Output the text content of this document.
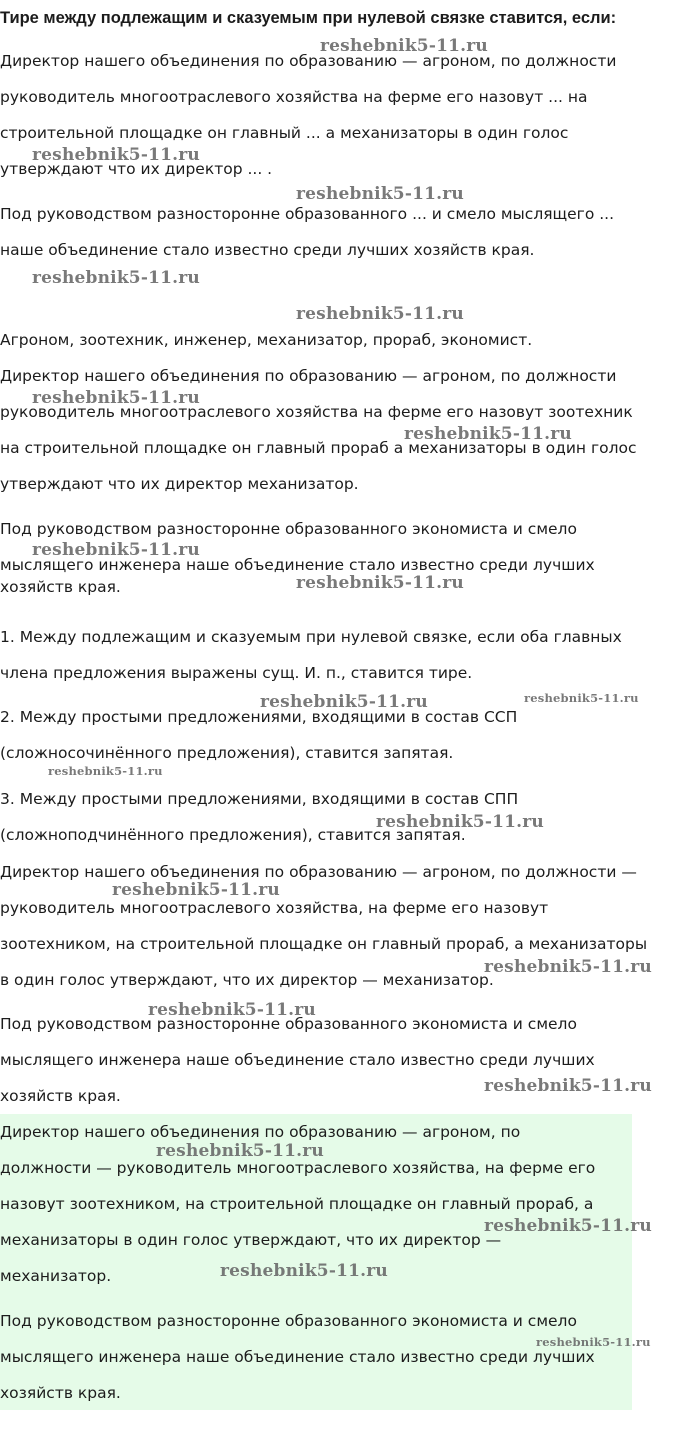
Тире между подлежащим и сказуемым при нулевой связке ставится, если:
Директор нашего объединения по образованию — агроном, по должности
руководитель многоотраслевого хозяйства на ферме его назовут ... на
строительной площадке он главный ... а механизаторы в один голос
утверждают что их директор ... .
Под руководством разносторонне образованного ... и смело мыслящего ...
наше объединение стало известно среди лучших хозяйств края.
Агроном, зоотехник, инженер, механизатор, прораб, экономист.
Директор нашего объединения по образованию — агроном, по должности
руководитель многоотраслевого хозяйства на ферме его назовут зоотехник
на строительной площадке он главный прораб а механизаторы в один голос
утверждают что их директор механизатор.
Под руководством разносторонне образованного экономиста и смело
мыслящего инженера наше объединение стало известно среди лучших
хозяйств края.
1. Между подлежащим и сказуемым при нулевой связке, если оба главных
члена предложения выражены сущ. И. п., ставится тире.
2. Между простыми предложениями, входящими в состав ССП
(сложносочинённого предложения), ставится запятая.
3. Между простыми предложениями, входящими в состав СПП
(сложноподчинённого предложения), ставится запятая.
Директор нашего объединения по образованию — агроном, по должности —
руководитель многоотраслевого хозяйства, на ферме его назовут
зоотехником, на строительной площадке он главный прораб, а механизаторы
в один голос утверждают, что их директор — механизатор.
Под руководством разносторонне образованного экономиста и смело
мыслящего инженера наше объединение стало известно среди лучших
хозяйств края.
Директор нашего объединения по образованию — агроном, по
должности — руководитель многоотраслевого хозяйства, на ферме его
назовут зоотехником, на строительной площадке он главный прораб, а
механизаторы в один голос утверждают, что их директор —
механизатор.
Под руководством разносторонне образованного экономиста и смело
мыслящего инженера наше объединение стало известно среди лучших
хозяйств края.
reshebnik5-11.ru
reshebnik5-11.ru
reshebnik5-11.ru
reshebnik5-11.ru
reshebnik5-11.ru
reshebnik5-11.ru
reshebnik5-11.ru
reshebnik5-11.ru
reshebnik5-11.ru
reshebnik5-11.ru	reshebnik5-11.ru
reshebnik5-11.ru
reshebnik5-11.ru
reshebnik5-11.ru
reshebnik5-11.ru
reshebnik5-11.ru
reshebnik5-11.ru
reshebnik5-11.ru
reshebnik5-11.ru
reshebnik5-11.ru
reshebnik5-11.ru
